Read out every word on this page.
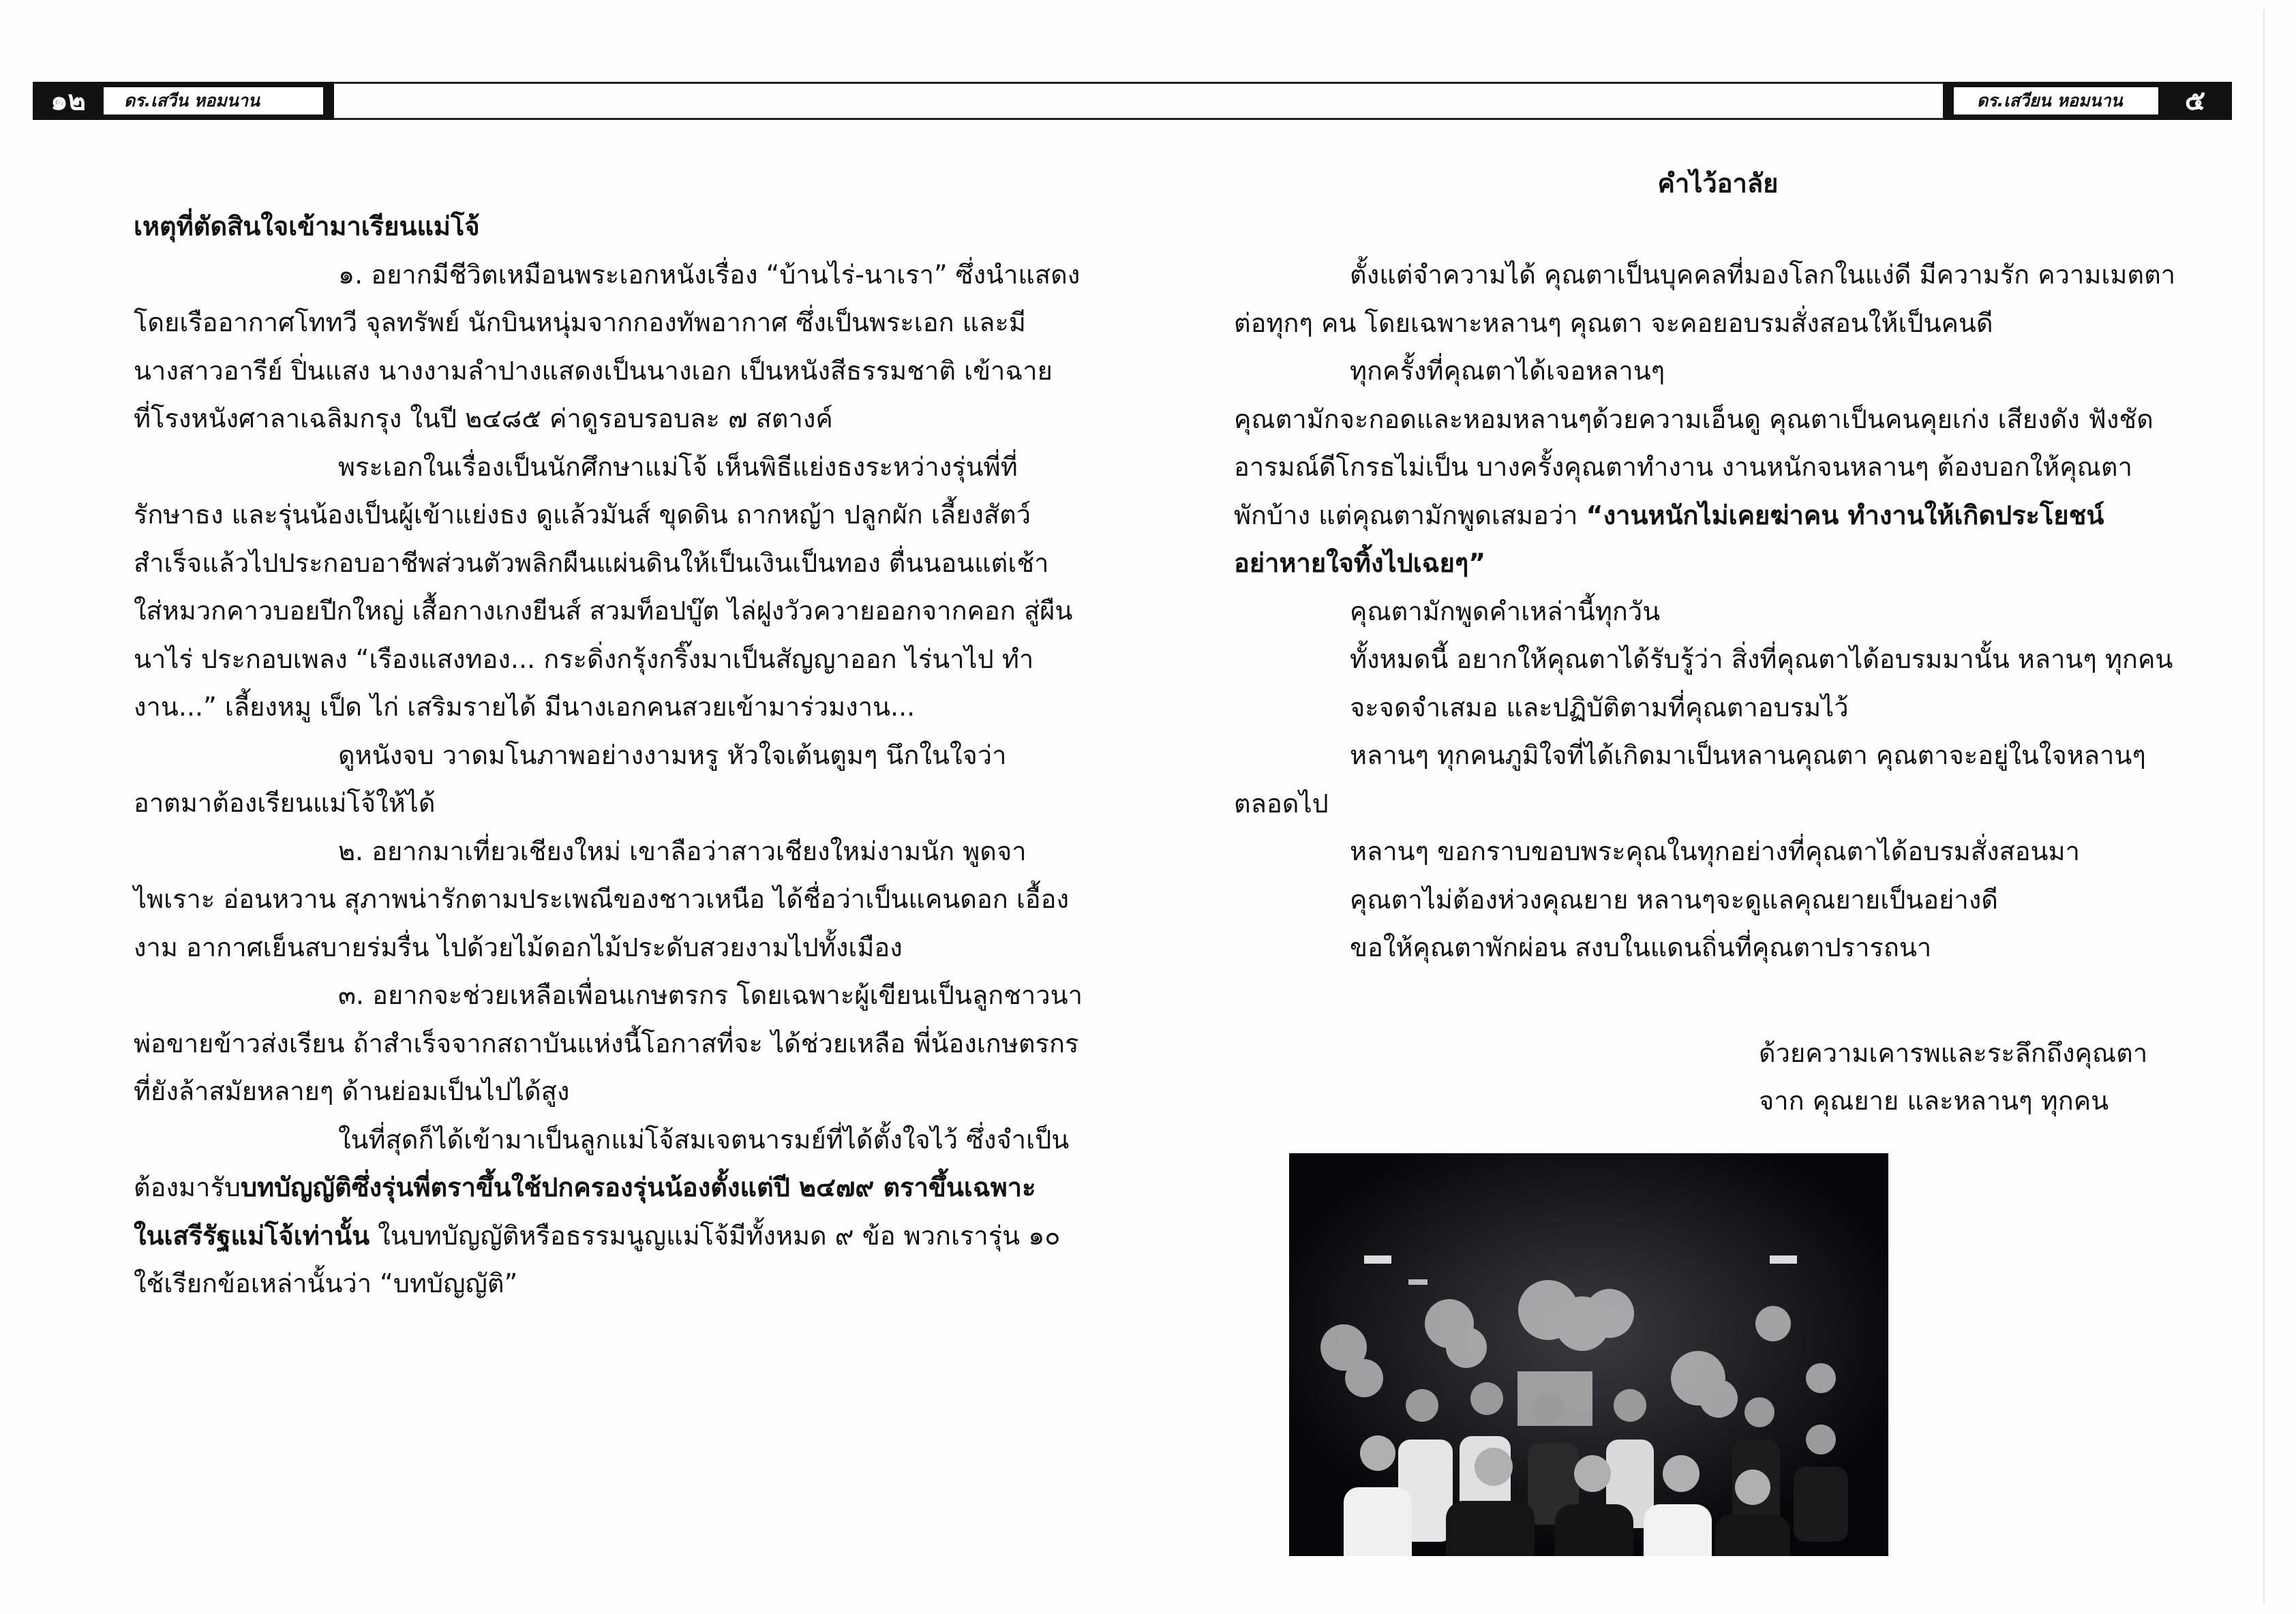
๑๒	ดร.เสวีน หอมนาน	ดร.เสวียน หอมนาน	๕

เหตุที่ตัดสินใจเข้ามาเรียนแม่โจ้

๑. อยากมีชีวิตเหมือนพระเอกหนังเรื่อง “บ้านไร่-นาเรา” ซึ่งนำแสดง

โดยเรืออากาศโททวี จุลทรัพย์ นักบินหนุ่มจากกองทัพอากาศ ซึ่งเป็นพระเอก และมี

นางสาวอารีย์ ปิ่นแสง นางงามลำปางแสดงเป็นนางเอก เป็นหนังสีธรรมชาติ เข้าฉาย

ที่โรงหนังศาลาเฉลิมกรุง ในปี ๒๔๘๕ ค่าดูรอบรอบละ ๗ สตางค์

พระเอกในเรื่องเป็นนักศึกษาแม่โจ้ เห็นพิธีแย่งธงระหว่างรุ่นพี่ที่

รักษาธง และรุ่นน้องเป็นผู้เข้าแย่งธง ดูแล้วมันส์ ขุดดิน ถากหญ้า ปลูกผัก เลี้ยงสัตว์

สำเร็จแล้วไปประกอบอาชีพส่วนตัวพลิกผืนแผ่นดินให้เป็นเงินเป็นทอง ตื่นนอนแต่เช้า

ใส่หมวกคาวบอยปีกใหญ่ เสื้อกางเกงยีนส์ สวมท็อปบู๊ต ไล่ฝูงวัวควายออกจากคอก สู่ผืน

นาไร่ ประกอบเพลง “เรืองแสงทอง... กระดิ่งกรุ้งกริ๊งมาเป็นสัญญาออก ไร่นาไป ทำ

งาน...” เลี้ยงหมู เป็ด ไก่ เสริมรายได้ มีนางเอกคนสวยเข้ามาร่วมงาน...

ดูหนังจบ วาดมโนภาพอย่างงามหรู หัวใจเต้นตูมๆ นึกในใจว่า

อาตมาต้องเรียนแม่โจ้ให้ได้

๒. อยากมาเที่ยวเชียงใหม่ เขาลือว่าสาวเชียงใหม่งามนัก พูดจา

ไพเราะ อ่อนหวาน สุภาพน่ารักตามประเพณีของชาวเหนือ ได้ชื่อว่าเป็นแคนดอก เอื้อง

งาม อากาศเย็นสบายร่มรื่น ไปด้วยไม้ดอกไม้ประดับสวยงามไปทั้งเมือง

๓. อยากจะช่วยเหลือเพื่อนเกษตรกร โดยเฉพาะผู้เขียนเป็นลูกชาวนา

พ่อขายข้าวส่งเรียน ถ้าสำเร็จจากสถาบันแห่งนี้โอกาสที่จะ ได้ช่วยเหลือ พี่น้องเกษตรกร

ที่ยังล้าสมัยหลายๆ ด้านย่อมเป็นไปได้สูง

ในที่สุดก็ได้เข้ามาเป็นลูกแม่โจ้สมเจตนารมย์ที่ได้ตั้งใจไว้ ซึ่งจำเป็น

ต้องมารับบทบัญญัติซึ่งรุ่นพี่ตราขึ้นใช้ปกครองรุ่นน้องตั้งแต่ปี ๒๔๗๙ ตราขึ้นเฉพาะ

ในเสรีรัฐแม่โจ้เท่านั้น ในบทบัญญัติหรือธรรมนูญแม่โจ้มีทั้งหมด ๙ ข้อ พวกเรารุ่น ๑๐

ใช้เรียกข้อเหล่านั้นว่า “บทบัญญัติ”

คำไว้อาลัย

ตั้งแต่จำความได้ คุณตาเป็นบุคคลที่มองโลกในแง่ดี มีความรัก ความเมตตา

ต่อทุกๆ คน โดยเฉพาะหลานๆ คุณตา จะคอยอบรมสั่งสอนให้เป็นคนดี

ทุกครั้งที่คุณตาได้เจอหลานๆ

คุณตามักจะกอดและหอมหลานๆด้วยความเอ็นดู คุณตาเป็นคนคุยเก่ง เสียงดัง ฟังชัด

อารมณ์ดีโกรธไม่เป็น บางครั้งคุณตาทำงาน งานหนักจนหลานๆ ต้องบอกให้คุณตา

พักบ้าง แต่คุณตามักพูดเสมอว่า “งานหนักไม่เคยฆ่าคน ทำงานให้เกิดประโยชน์

อย่าหายใจทิ้งไปเฉยๆ”

คุณตามักพูดคำเหล่านี้ทุกวัน

ทั้งหมดนี้ อยากให้คุณตาได้รับรู้ว่า สิ่งที่คุณตาได้อบรมมานั้น หลานๆ ทุกคน

จะจดจำเสมอ และปฏิบัติตามที่คุณตาอบรมไว้

หลานๆ ทุกคนภูมิใจที่ได้เกิดมาเป็นหลานคุณตา คุณตาจะอยู่ในใจหลานๆ

ตลอดไป

หลานๆ ขอกราบขอบพระคุณในทุกอย่างที่คุณตาได้อบรมสั่งสอนมา

คุณตาไม่ต้องห่วงคุณยาย หลานๆจะดูแลคุณยายเป็นอย่างดี

ขอให้คุณตาพักผ่อน สงบในแดนถิ่นที่คุณตาปรารถนา

ด้วยความเคารพและระลึกถึงคุณตา

จาก คุณยาย และหลานๆ ทุกคน
